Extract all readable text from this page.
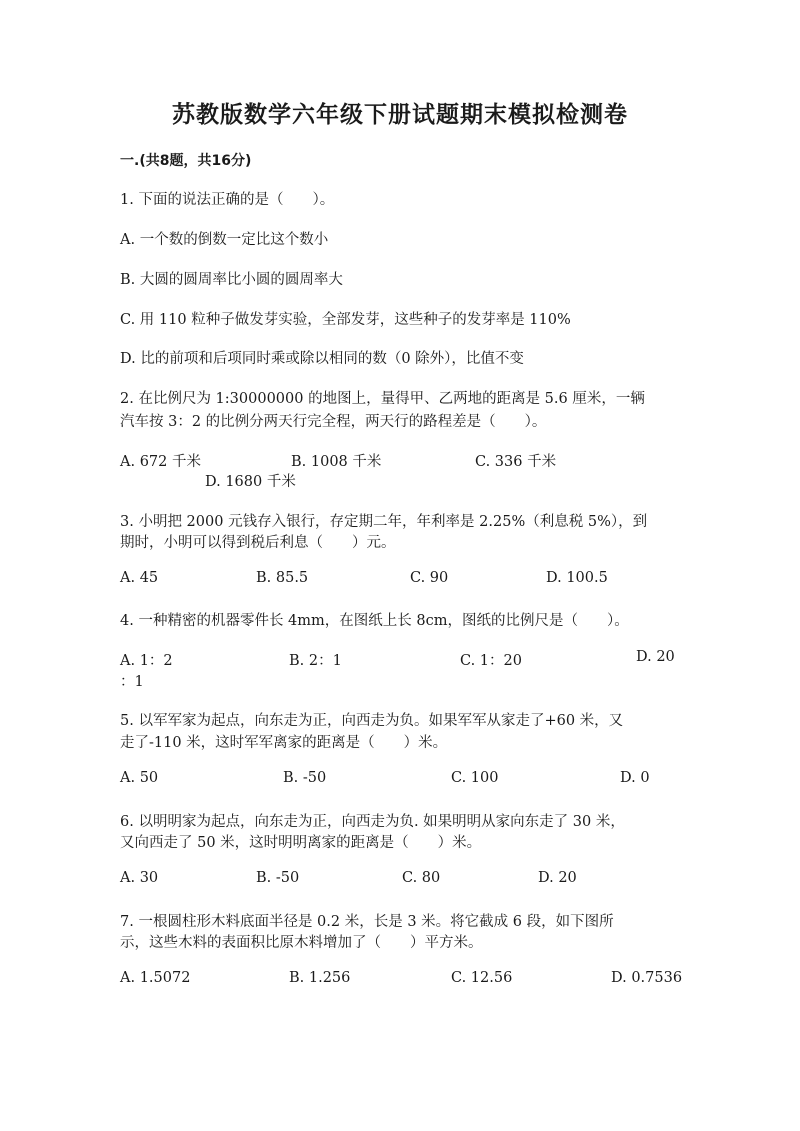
苏教版数学六年级下册试题期末模拟检测卷
一.(共8题，共16分)
1. 下面的说法正确的是（　　）。
A. 一个数的倒数一定比这个数小
B. 大圆的圆周率比小圆的圆周率大
C. 用 110 粒种子做发芽实验，全部发芽，这些种子的发芽率是 110%
D. 比的前项和后项同时乘或除以相同的数（0 除外），比值不变
2. 在比例尺为 1:30000000 的地图上，量得甲、乙两地的距离是 5.6 厘米，一辆
汽车按 3：2 的比例分两天行完全程，两天行的路程差是（　　）。
A. 672 千米	B. 1008 千米	C. 336 千米
D. 1680 千米
3. 小明把 2000 元钱存入银行，存定期二年，年利率是 2.25%（利息税 5%），到
期时，小明可以得到税后利息（　　）元。
A. 45	B. 85.5	C. 90	D. 100.5
4. 一种精密的机器零件长 4mm，在图纸上长 8cm，图纸的比例尺是（　　）。
A. 1：2	B. 2：1	C. 1：20	D. 20
：1
5. 以军军家为起点，向东走为正，向西走为负。如果军军从家走了+60 米，又
走了-110 米，这时军军离家的距离是（　　）米。
A. 50	B. -50	C. 100	D. 0
6. 以明明家为起点，向东走为正，向西走为负. 如果明明从家向东走了 30 米，
又向西走了 50 米，这时明明离家的距离是（　　）米。
A. 30	B. -50	C. 80	D. 20
7. 一根圆柱形木料底面半径是 0.2 米，长是 3 米。将它截成 6 段，如下图所
示，这些木料的表面积比原木料增加了（　　）平方米。
A. 1.5072	B. 1.256	C. 12.56	D. 0.7536
